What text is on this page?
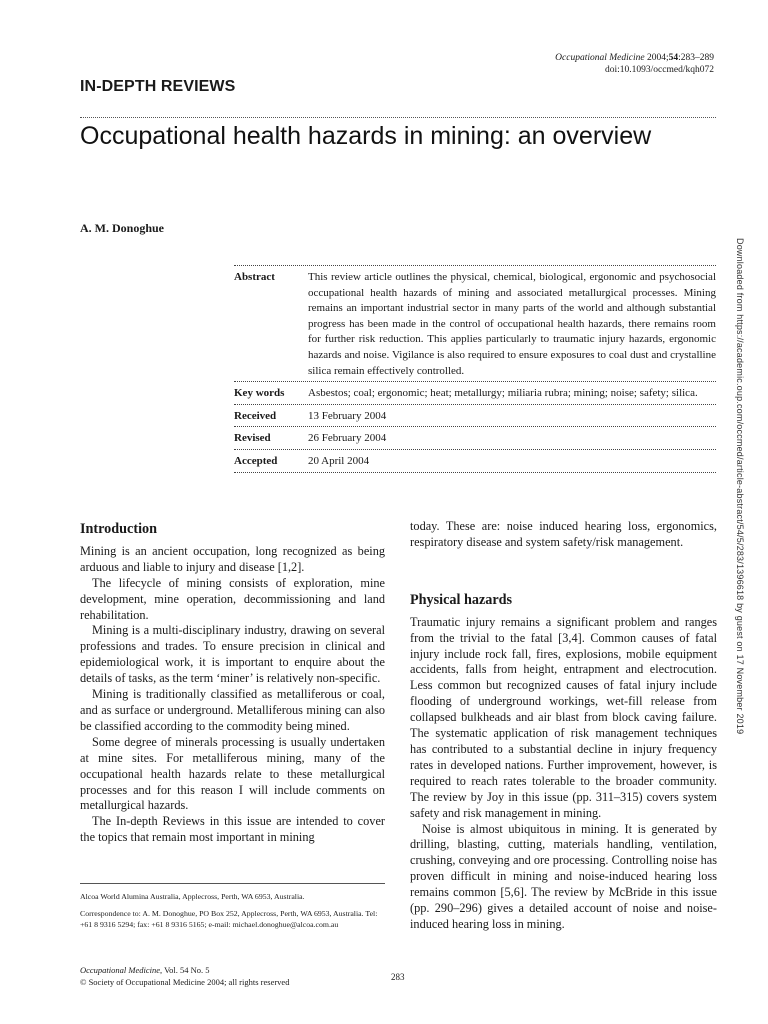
Occupational Medicine 2004;54:283–289
doi:10.1093/occmed/kqh072
IN-DEPTH REVIEWS
Occupational health hazards in mining: an overview
A. M. Donoghue
Abstract	This review article outlines the physical, chemical, biological, ergonomic and psychosocial occupational health hazards of mining and associated metallurgical processes. Mining remains an important industrial sector in many parts of the world and although substantial progress has been made in the control of occupational health hazards, there remains room for further risk reduction. This applies particularly to traumatic injury hazards, ergonomic hazards and noise. Vigilance is also required to ensure exposures to coal dust and crystalline silica remain effectively controlled.
Key words	Asbestos; coal; ergonomic; heat; metallurgy; miliaria rubra; mining; noise; safety; silica.
Received	13 February 2004
Revised	26 February 2004
Accepted	20 April 2004
Introduction

Mining is an ancient occupation, long recognized as being arduous and liable to injury and disease [1,2].

The lifecycle of mining consists of exploration, mine development, mine operation, decommissioning and land rehabilitation.

Mining is a multi-disciplinary industry, drawing on several professions and trades. To ensure precision in clinical and epidemiological work, it is important to enquire about the details of tasks, as the term ‘miner’ is relatively non-specific.

Mining is traditionally classified as metalliferous or coal, and as surface or underground. Metalliferous mining can also be classified according to the commodity being mined.

Some degree of minerals processing is usually undertaken at mine sites. For metalliferous mining, many of the occupational health hazards relate to these metallurgical processes and for this reason I will include comments on metallurgical hazards.

The In-depth Reviews in this issue are intended to cover the topics that remain most important in mining

today. These are: noise induced hearing loss, ergonomics, respiratory disease and system safety/risk management.

Physical hazards

Traumatic injury remains a significant problem and ranges from the trivial to the fatal [3,4]. Common causes of fatal injury include rock fall, fires, explosions, mobile equipment accidents, falls from height, entrapment and electrocution. Less common but recognized causes of fatal injury include flooding of underground workings, wet-fill release from collapsed bulkheads and air blast from block caving failure. The systematic application of risk management techniques has contributed to a substantial decline in injury frequency rates in developed nations. Further improvement, however, is required to reach rates tolerable to the broader community. The review by Joy in this issue (pp. 311–315) covers system safety and risk management in mining.

Noise is almost ubiquitous in mining. It is generated by drilling, blasting, cutting, materials handling, ventilation, crushing, conveying and ore processing. Controlling noise has proven difficult in mining and noise-induced hearing loss remains common [5,6]. The review by McBride in this issue (pp. 290–296) gives a detailed account of noise and noise-induced hearing loss in mining.

Alcoa World Alumina Australia, Applecross, Perth, WA 6953, Australia.
Correspondence to: A. M. Donoghue, PO Box 252, Applecross, Perth, WA 6953, Australia. Tel: +61 8 9316 5294; fax: +61 8 9316 5165; e-mail: michael.donoghue@alcoa.com.au
Occupational Medicine, Vol. 54 No. 5
© Society of Occupational Medicine 2004; all rights reserved	283
Downloaded from https://academic.oup.com/occmed/article-abstract/54/5/283/1396618 by guest on 17 November 2019
